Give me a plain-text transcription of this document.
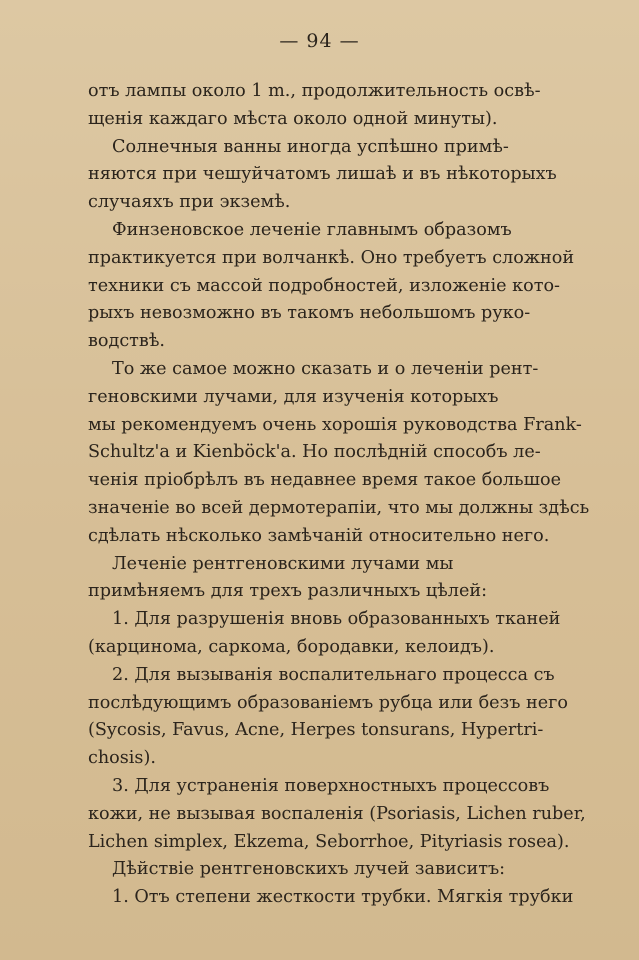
— 94 —
отъ лампы около 1 m., продолжительность освѣ-
щенія каждаго мѣста около одной минуты).
Солнечныя ванны иногда успѣшно примѣ-
няются при чешуйчатомъ лишаѣ и въ нѣкоторыхъ
случаяхъ при экземѣ.
Финзеновское леченіе главнымъ образомъ
практикуется при волчанкѣ. Оно требуетъ сложной
техники съ массой подробностей, изложеніе кото-
рыхъ невозможно въ такомъ небольшомъ руко-
водствѣ.
То же самое можно сказать и о леченіи рент-
геновскими лучами, для изученія которыхъ
мы рекомендуемъ очень хорошія руководства Frank-
Schultz'a и Kienböck'a. Но послѣдній способъ ле-
ченія пріобрѣлъ въ недавнее время такое большое
значеніе во всей дермотерапіи, что мы должны здѣсь
сдѣлать нѣсколько замѣчаній относительно него.
Леченіе рентгеновскими лучами мы
примѣняемъ для трехъ различныхъ цѣлей:
1. Для разрушенія вновь образованныхъ тканей
(карцинома, саркома, бородавки, келоидъ).
2. Для вызыванія воспалительнаго процесса съ
послѣдующимъ образованіемъ рубца или безъ него
(Sycosis, Favus, Acne, Herpes tonsurans, Hypertri-
chosis).
3. Для устраненія поверхностныхъ процессовъ
кожи, не вызывая воспаленія (Psoriasis, Lichen ruber,
Lichen simplex, Ekzema, Seborrhoe, Pityriasis rosea).
Дѣйствіе рентгеновскихъ лучей зависитъ:
1. Отъ степени жесткости трубки. Мягкія трубки
